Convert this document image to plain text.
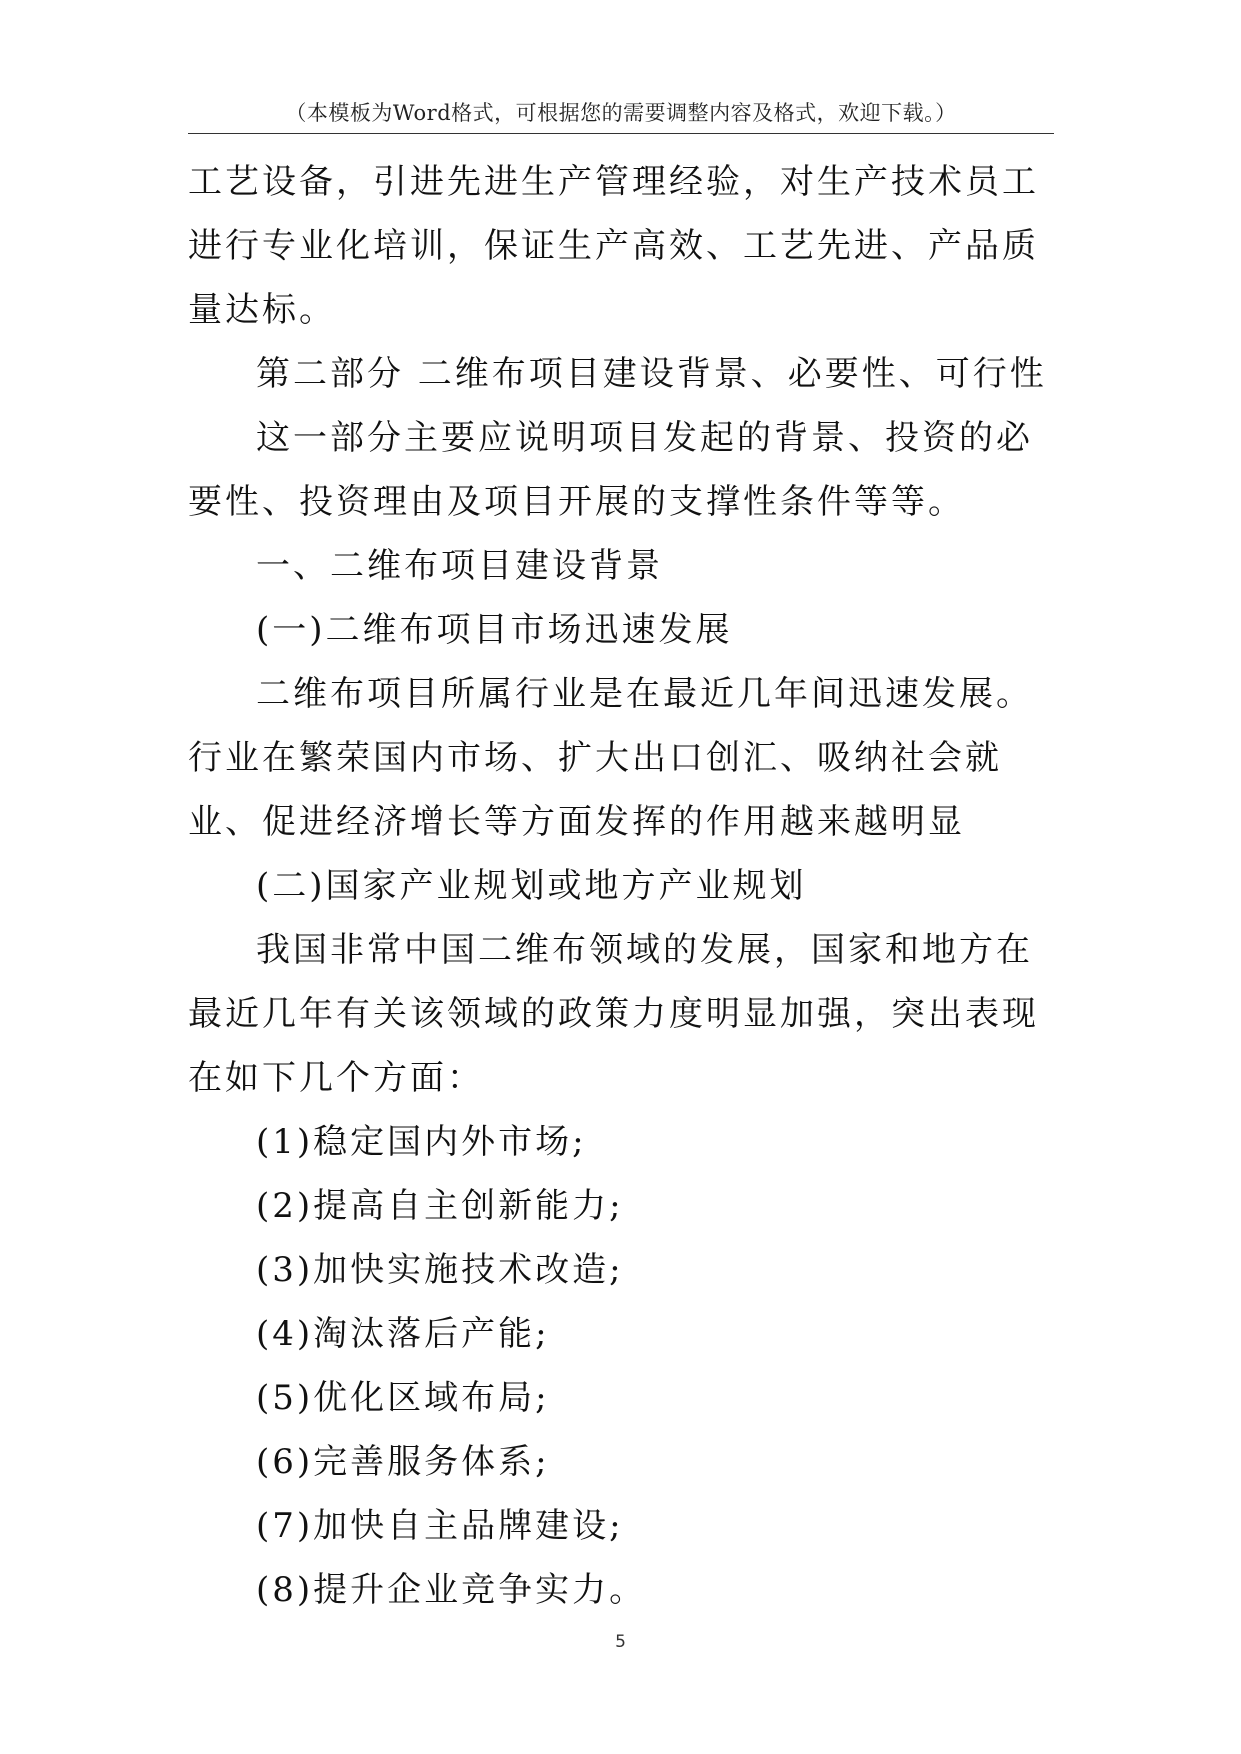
（本模板为Word格式，可根据您的需要调整内容及格式，欢迎下载。）

工艺设备，引进先进生产管理经验，对生产技术员工进行专业化培训，保证生产高效、工艺先进、产品质量达标。

第二部分 二维布项目建设背景、必要性、可行性

这一部分主要应说明项目发起的背景、投资的必要性、投资理由及项目开展的支撑性条件等等。

一、二维布项目建设背景

(一)二维布项目市场迅速发展

二维布项目所属行业是在最近几年间迅速发展。行业在繁荣国内市场、扩大出口创汇、吸纳社会就业、促进经济增长等方面发挥的作用越来越明显

(二)国家产业规划或地方产业规划

我国非常中国二维布领域的发展，国家和地方在最近几年有关该领域的政策力度明显加强，突出表现在如下几个方面：

(1)稳定国内外市场;

(2)提高自主创新能力;

(3)加快实施技术改造;

(4)淘汰落后产能;

(5)优化区域布局;

(6)完善服务体系;

(7)加快自主品牌建设;

(8)提升企业竞争实力。

5
